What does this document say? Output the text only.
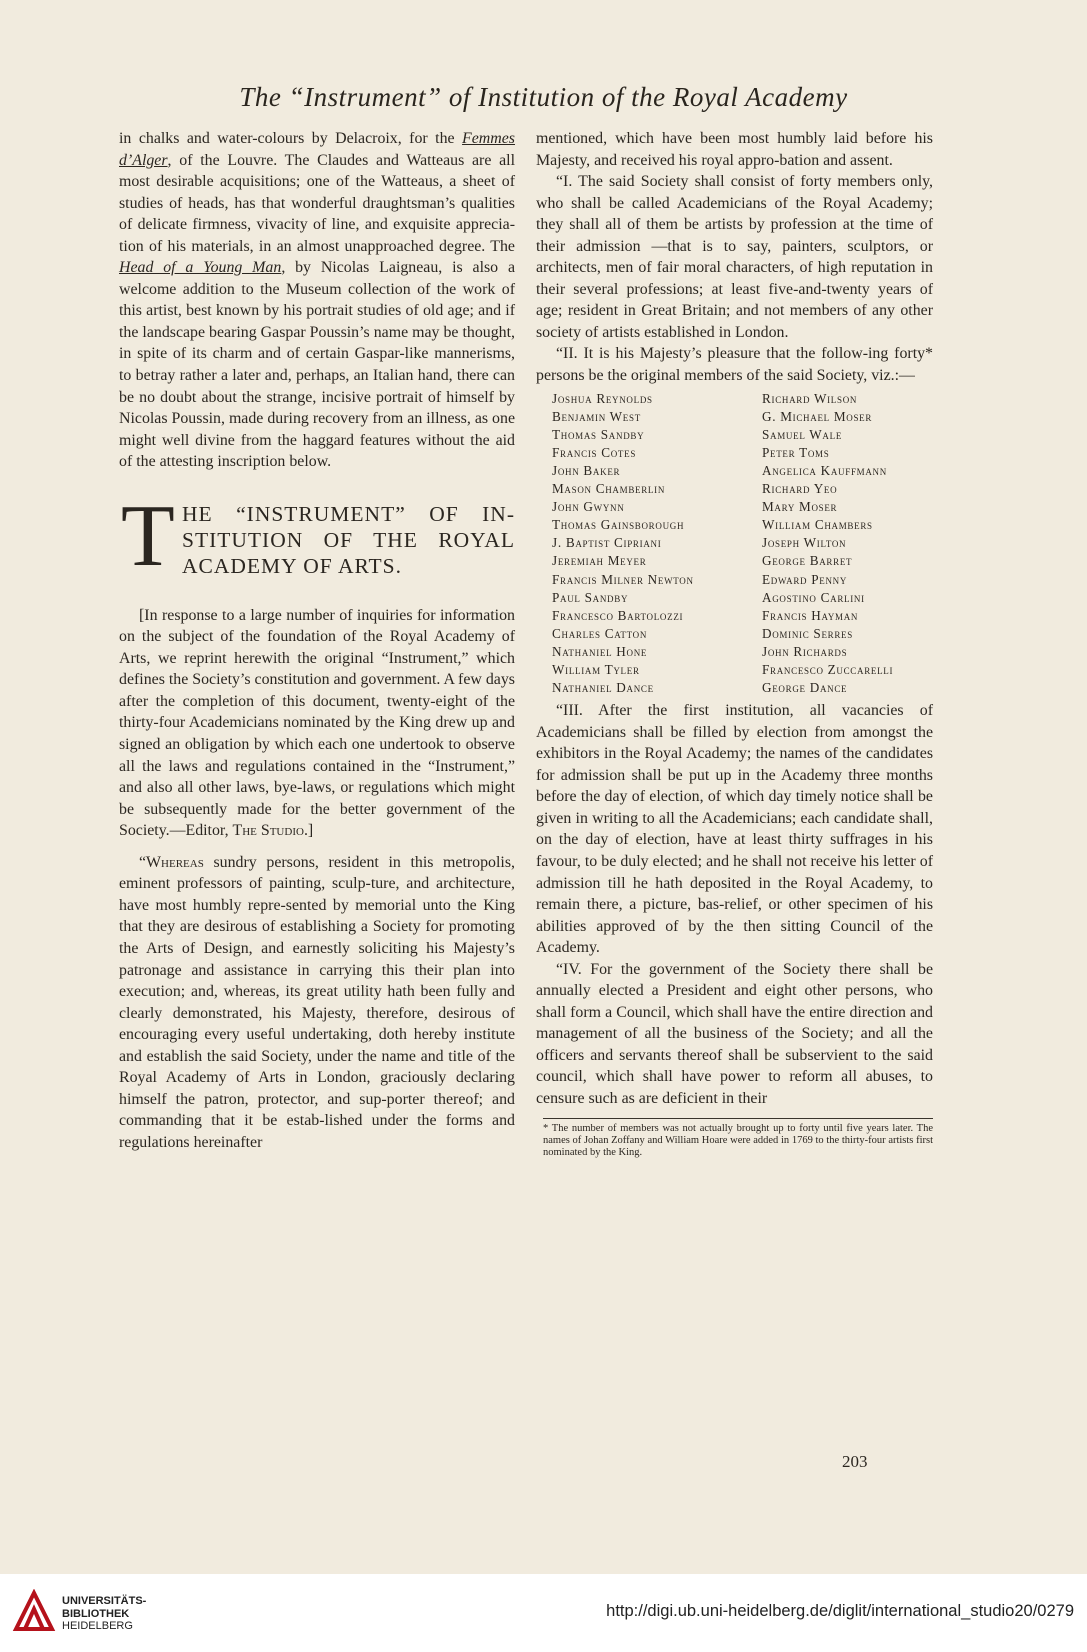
The “Instrument” of Institution of the Royal Academy

in chalks and water-colours by Delacroix, for the Femmes d’Alger, of the Louvre. The Claudes and Watteaus are all most desirable acquisitions; one of the Watteaus, a sheet of studies of heads, has that wonderful draughtsman’s qualities of delicate firmness, vivacity of line, and exquisite apprecia-tion of his materials, in an almost unapproached degree. The Head of a Young Man, by Nicolas Laigneau, is also a welcome addition to the Museum collection of the work of this artist, best known by his portrait studies of old age; and if the landscape bearing Gaspar Poussin’s name may be thought, in spite of its charm and of certain Gaspar-like mannerisms, to betray rather a later and, perhaps, an Italian hand, there can be no doubt about the strange, incisive portrait of himself by Nicolas Poussin, made during recovery from an illness, as one might well divine from the haggard features without the aid of the attesting inscription below.

T HE “INSTRUMENT” OF IN-STITUTION OF THE ROYAL ACADEMY OF ARTS.

[In response to a large number of inquiries for information on the subject of the foundation of the Royal Academy of Arts, we reprint herewith the original “Instrument,” which defines the Society’s constitution and government. A few days after the completion of this document, twenty-eight of the thirty-four Academicians nominated by the King drew up and signed an obligation by which each one undertook to observe all the laws and regulations contained in the “Instrument,” and also all other laws, bye-laws, or regulations which might be subsequently made for the better government of the Society.—Editor, The Studio.]

“Whereas sundry persons, resident in this metropolis, eminent professors of painting, sculp-ture, and architecture, have most humbly repre-sented by memorial unto the King that they are desirous of establishing a Society for promoting the Arts of Design, and earnestly soliciting his Majesty’s patronage and assistance in carrying this their plan into execution; and, whereas, its great utility hath been fully and clearly demonstrated, his Majesty, therefore, desirous of encouraging every useful undertaking, doth hereby institute and establish the said Society, under the name and title of the Royal Academy of Arts in London, graciously declaring himself the patron, protector, and sup-porter thereof; and commanding that it be estab-lished under the forms and regulations hereinafter

mentioned, which have been most humbly laid before his Majesty, and received his royal appro-bation and assent.

“I. The said Society shall consist of forty members only, who shall be called Academicians of the Royal Academy; they shall all of them be artists by profession at the time of their admission —that is to say, painters, sculptors, or architects, men of fair moral characters, of high reputation in their several professions; at least five-and-twenty years of age; resident in Great Britain; and not members of any other society of artists established in London.

“II. It is his Majesty’s pleasure that the follow-ing forty* persons be the original members of the said Society, viz.:—

Joshua Reynolds	Richard Wilson
Benjamin West	G. Michael Moser
Thomas Sandby	Samuel Wale
Francis Cotes	Peter Toms
John Baker	Angelica Kauffmann
Mason Chamberlin	Richard Yeo
John Gwynn	Mary Moser
Thomas Gainsborough	William Chambers
J. Baptist Cipriani	Joseph Wilton
Jeremiah Meyer	George Barret
Francis Milner Newton	Edward Penny
Paul Sandby	Agostino Carlini
Francesco Bartolozzi	Francis Hayman
Charles Catton	Dominic Serres
Nathaniel Hone	John Richards
William Tyler	Francesco Zuccarelli
Nathaniel Dance	George Dance

“III. After the first institution, all vacancies of Academicians shall be filled by election from amongst the exhibitors in the Royal Academy; the names of the candidates for admission shall be put up in the Academy three months before the day of election, of which day timely notice shall be given in writing to all the Academicians; each candidate shall, on the day of election, have at least thirty suffrages in his favour, to be duly elected; and he shall not receive his letter of admission till he hath deposited in the Royal Academy, to remain there, a picture, bas-relief, or other specimen of his abilities approved of by the then sitting Council of the Academy.

“IV. For the government of the Society there shall be annually elected a President and eight other persons, who shall form a Council, which shall have the entire direction and management of all the business of the Society; and all the officers and servants thereof shall be subservient to the said council, which shall have power to reform all abuses, to censure such as are deficient in their

* The number of members was not actually brought up to forty until five years later. The names of Johan Zoffany and William Hoare were added in 1769 to the thirty-four artists first nominated by the King.
203
UNIVERSITÄTS-
BIBLIOTHEK
HEIDELBERG
http://digi.ub.uni-heidelberg.de/diglit/international_studio20/0279
